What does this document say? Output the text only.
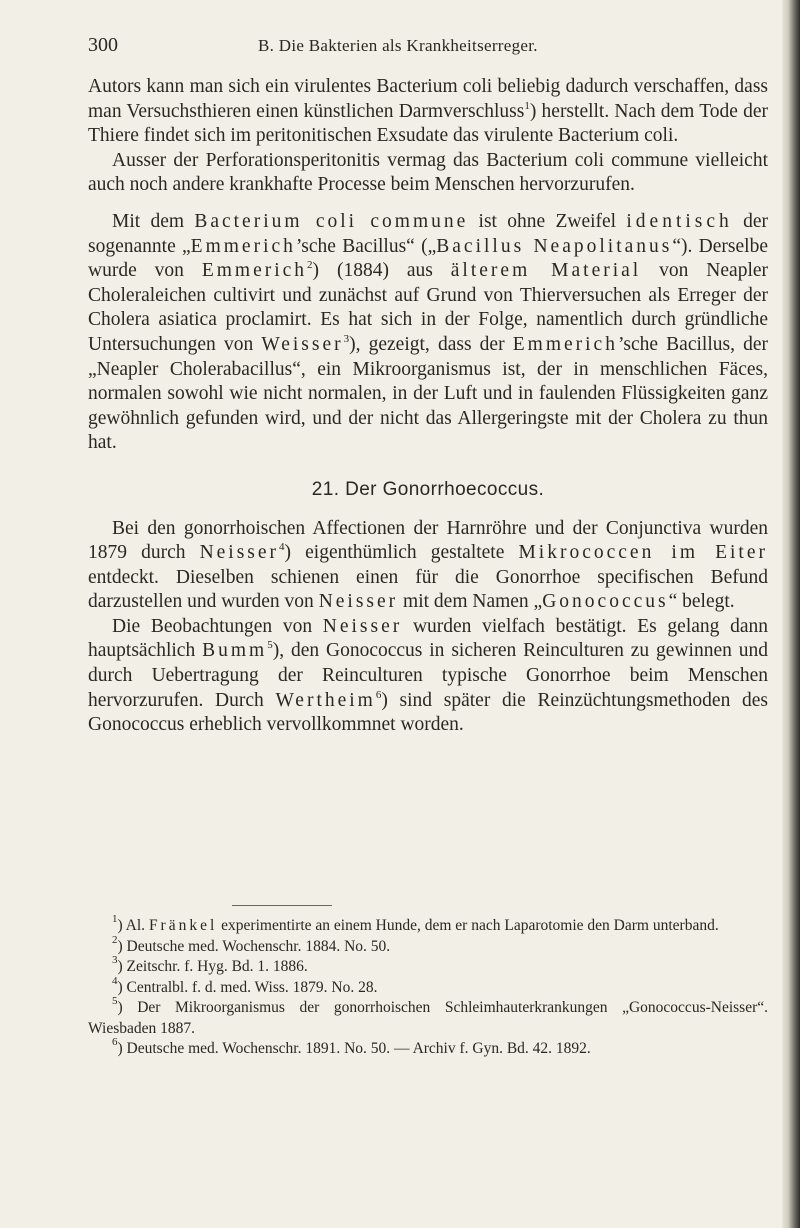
300	B. Die Bakterien als Krankheitserreger.

Autors kann man sich ein virulentes Bacterium coli beliebig dadurch verschaffen, dass man Versuchsthieren einen künstlichen Darmverschluss$^1$) herstellt. Nach dem Tode der Thiere findet sich im peritonitischen Exsudate das virulente Bacterium coli.

Ausser der Perforationsperitonitis vermag das Bacterium coli commune vielleicht auch noch andere krankhafte Processe beim Menschen hervorzurufen.

Mit dem Bacterium coli commune ist ohne Zweifel identisch der sogenannte „Emmerich’sche Bacillus“ („Bacillus Neapolitanus“). Derselbe wurde von Emmerich$^2$) (1884) aus älterem Material von Neapler Choleraleichen cultivirt und zunächst auf Grund von Thierversuchen als Erreger der Cholera asiatica proclamirt. Es hat sich in der Folge, namentlich durch gründliche Untersuchungen von Weisser$^3$), gezeigt, dass der Emmerich’sche Bacillus, der „Neapler Cholerabacillus“, ein Mikroorganismus ist, der in menschlichen Fäces, normalen sowohl wie nicht normalen, in der Luft und in faulenden Flüssigkeiten ganz gewöhnlich gefunden wird, und der nicht das Allergeringste mit der Cholera zu thun hat.

21. Der Gonorrhoecoccus.

Bei den gonorrhoischen Affectionen der Harnröhre und der Conjunctiva wurden 1879 durch Neisser$^4$) eigenthümlich gestaltete Mikrococcen im Eiter entdeckt. Dieselben schienen einen für die Gonorrhoe specifischen Befund darzustellen und wurden von Neisser mit dem Namen „Gonococcus“ belegt.

Die Beobachtungen von Neisser wurden vielfach bestätigt. Es gelang dann hauptsächlich Bumm$^5$), den Gonococcus in sicheren Reinculturen zu gewinnen und durch Uebertragung der Reinculturen typische Gonorrhoe beim Menschen hervorzurufen. Durch Wertheim$^6$) sind später die Reinzüchtungsmethoden des Gonococcus erheblich vervollkommnet worden.

$^1$) Al. Fränkel experimentirte an einem Hunde, dem er nach Laparotomie den Darm unterband.

$^2$) Deutsche med. Wochenschr. 1884. No. 50.

$^3$) Zeitschr. f. Hyg. Bd. 1. 1886.

$^4$) Centralbl. f. d. med. Wiss. 1879. No. 28.

$^5$) Der Mikroorganismus der gonorrhoischen Schleimhauterkrankungen „Gonococcus-Neisser“. Wiesbaden 1887.

$^6$) Deutsche med. Wochenschr. 1891. No. 50. — Archiv f. Gyn. Bd. 42. 1892.
